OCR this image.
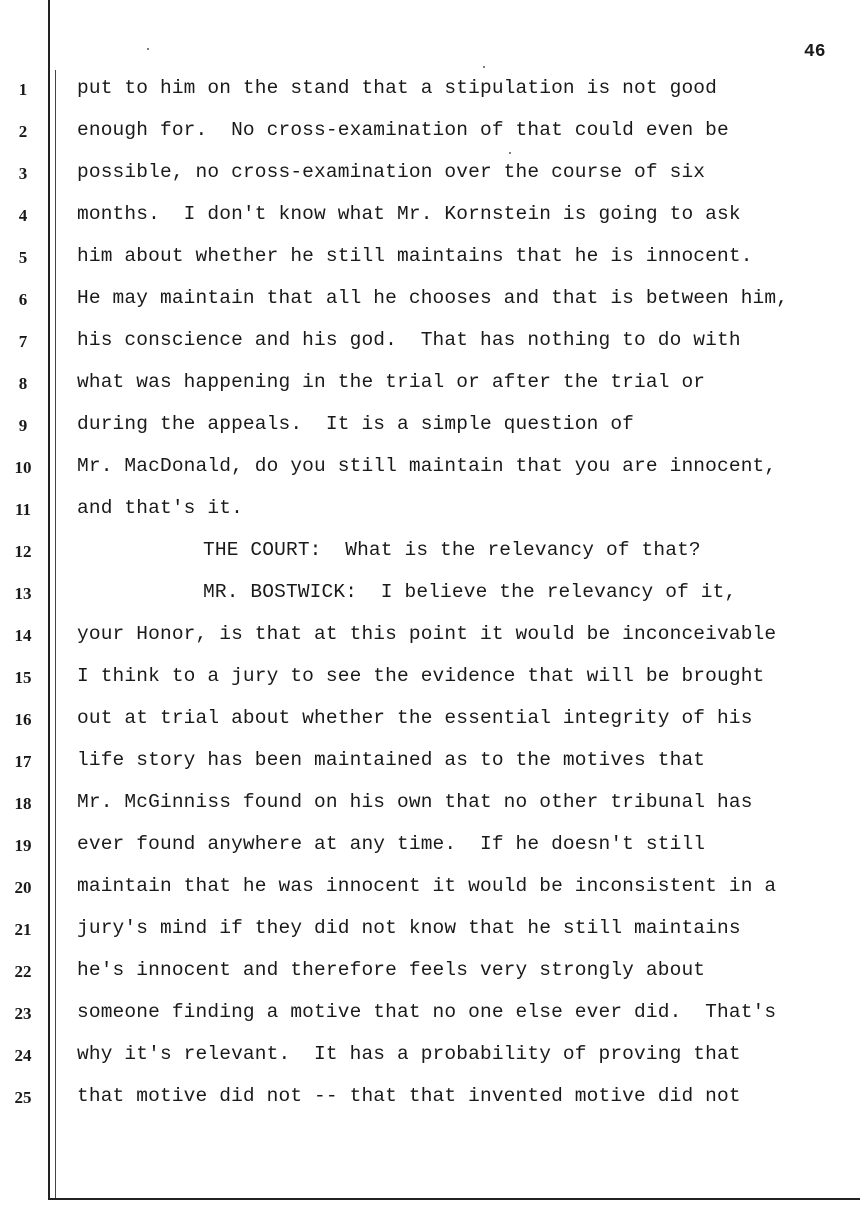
46
1
2
3
4
5
6
7
8
9
10
11
12
13
14
15
16
17
18
19
20
21
22
23
24
25
put to him on the stand that a stipulation is not good
enough for.  No cross-examination of that could even be
possible, no cross-examination over the course of six
months.  I don't know what Mr. Kornstein is going to ask
him about whether he still maintains that he is innocent.
He may maintain that all he chooses and that is between him,
his conscience and his god.  That has nothing to do with
what was happening in the trial or after the trial or
during the appeals.  It is a simple question of
Mr. MacDonald, do you still maintain that you are innocent,
and that's it.
THE COURT:  What is the relevancy of that?
MR. BOSTWICK:  I believe the relevancy of it,
your Honor, is that at this point it would be inconceivable
I think to a jury to see the evidence that will be brought
out at trial about whether the essential integrity of his
life story has been maintained as to the motives that
Mr. McGinniss found on his own that no other tribunal has
ever found anywhere at any time.  If he doesn't still
maintain that he was innocent it would be inconsistent in a
jury's mind if they did not know that he still maintains
he's innocent and therefore feels very strongly about
someone finding a motive that no one else ever did.  That's
why it's relevant.  It has a probability of proving that
that motive did not -- that that invented motive did not
